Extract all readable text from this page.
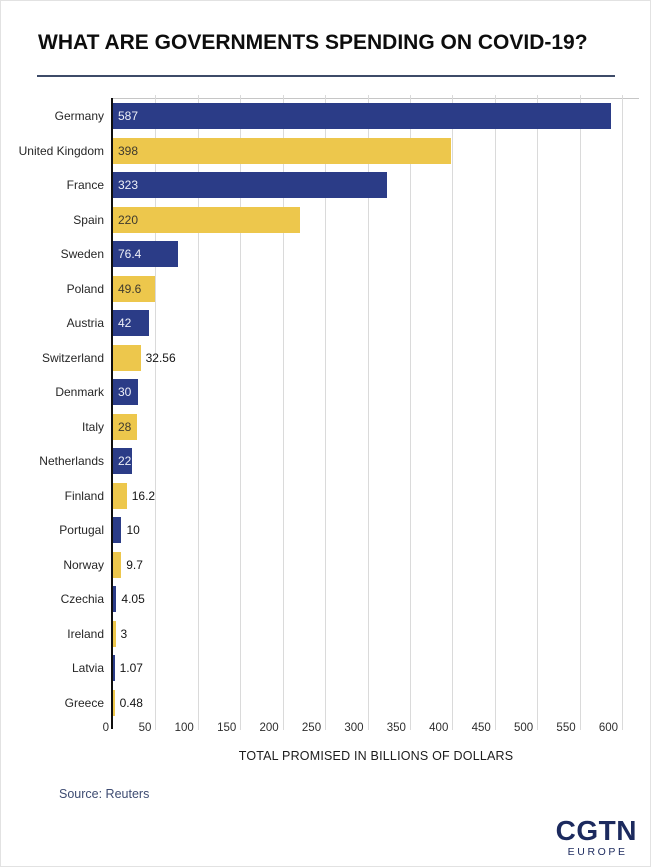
WHAT ARE GOVERNMENTS SPENDING ON COVID-19?
Germany 587
United Kingdom 398
France 323
Spain 220
Sweden 76.4
Poland 49.6
Austria 42
Switzerland	32.56
Denmark 30
Italy 28
Netherlands 22
Finland 16.2
Portugal 10
Norway 9.7
Czechia 4.05
Ireland 3
Latvia 1.07
Greece 0.48
0	50	100	150	200	250	300	350	400	450	500	550	600
TOTAL PROMISED IN BILLIONS OF DOLLARS
Source: Reuters
CGTN
EUROPE
